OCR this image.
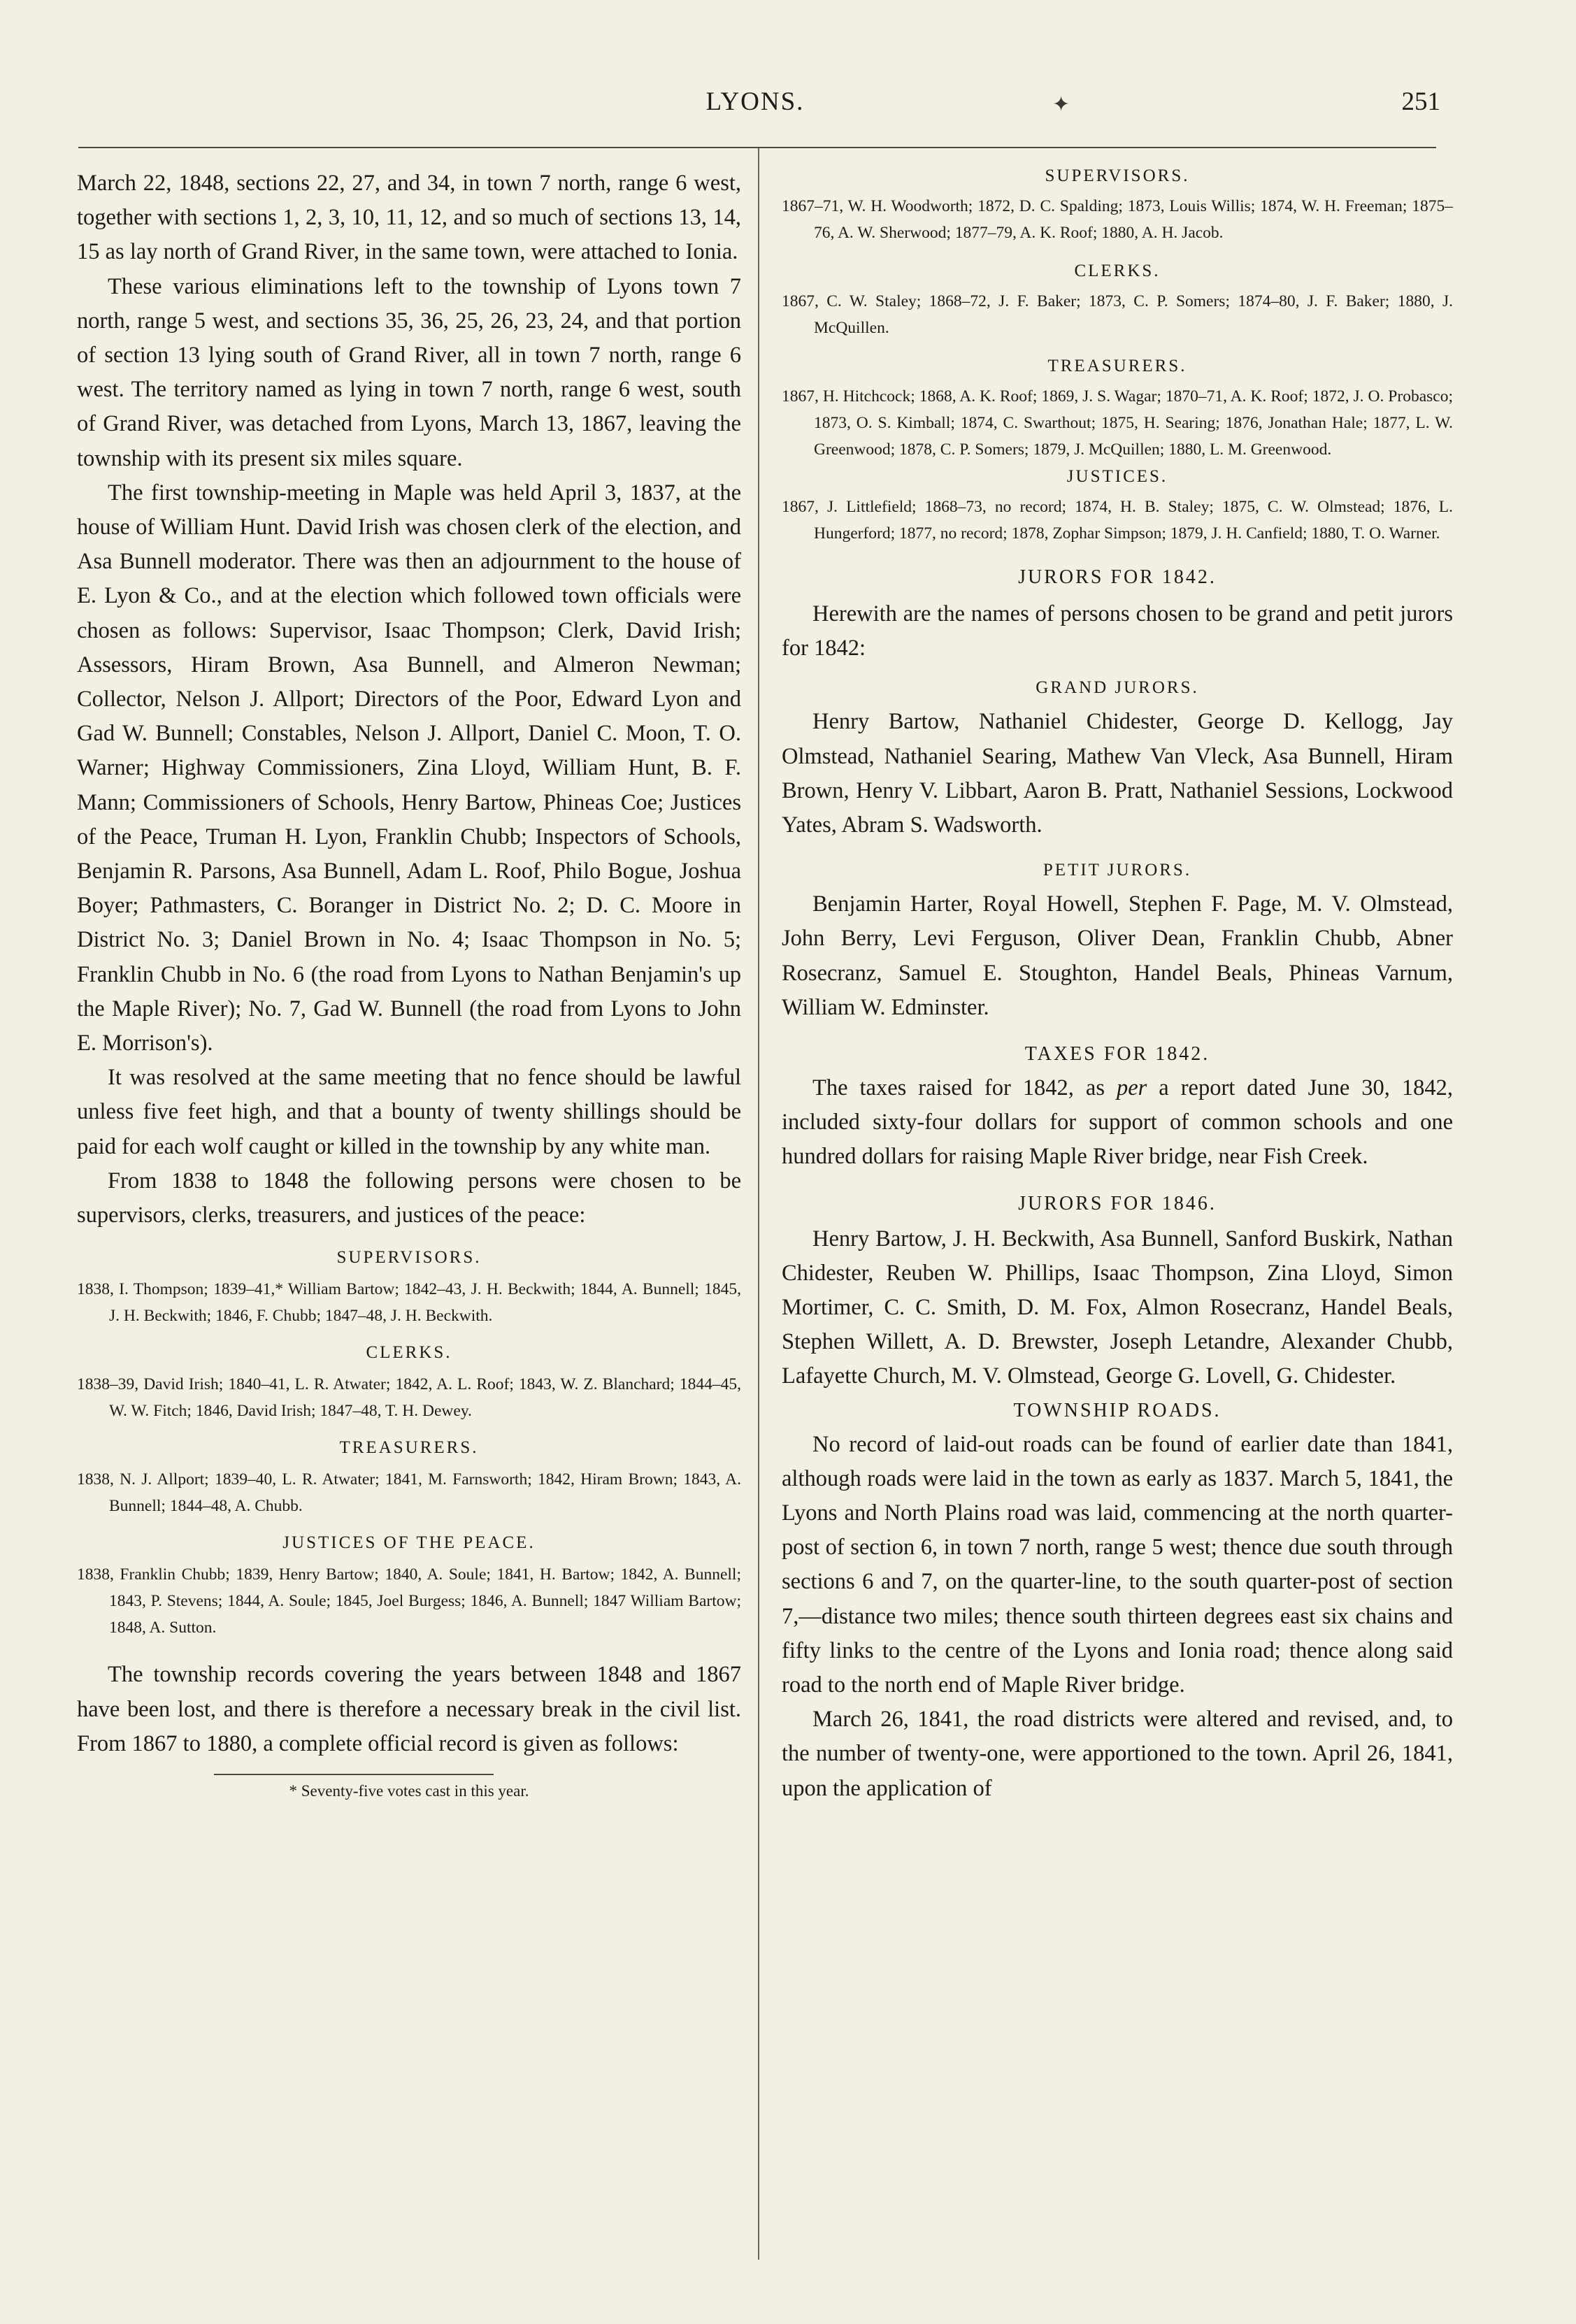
LYONS.	✦	251

March 22, 1848, sections 22, 27, and 34, in town 7 north, range 6 west, together with sections 1, 2, 3, 10, 11, 12, and so much of sections 13, 14, 15 as lay north of Grand River, in the same town, were attached to Ionia.

These various eliminations left to the township of Lyons town 7 north, range 5 west, and sections 35, 36, 25, 26, 23, 24, and that portion of section 13 lying south of Grand River, all in town 7 north, range 6 west. The territory named as lying in town 7 north, range 6 west, south of Grand River, was detached from Lyons, March 13, 1867, leaving the township with its present six miles square.

The first township-meeting in Maple was held April 3, 1837, at the house of William Hunt. David Irish was chosen clerk of the election, and Asa Bunnell moderator. There was then an adjournment to the house of E. Lyon & Co., and at the election which followed town officials were chosen as follows: Supervisor, Isaac Thompson; Clerk, David Irish; Assessors, Hiram Brown, Asa Bunnell, and Almeron Newman; Collector, Nelson J. Allport; Directors of the Poor, Edward Lyon and Gad W. Bunnell; Constables, Nelson J. Allport, Daniel C. Moon, T. O. Warner; Highway Commissioners, Zina Lloyd, William Hunt, B. F. Mann; Commissioners of Schools, Henry Bartow, Phineas Coe; Justices of the Peace, Truman H. Lyon, Franklin Chubb; Inspectors of Schools, Benjamin R. Parsons, Asa Bunnell, Adam L. Roof, Philo Bogue, Joshua Boyer; Pathmasters, C. Boranger in District No. 2; D. C. Moore in District No. 3; Daniel Brown in No. 4; Isaac Thompson in No. 5; Franklin Chubb in No. 6 (the road from Lyons to Nathan Benjamin's up the Maple River); No. 7, Gad W. Bunnell (the road from Lyons to John E. Morrison's).

It was resolved at the same meeting that no fence should be lawful unless five feet high, and that a bounty of twenty shillings should be paid for each wolf caught or killed in the township by any white man.

From 1838 to 1848 the following persons were chosen to be supervisors, clerks, treasurers, and justices of the peace:

SUPERVISORS.

1838, I. Thompson; 1839–41,* William Bartow; 1842–43, J. H. Beckwith; 1844, A. Bunnell; 1845, J. H. Beckwith; 1846, F. Chubb; 1847–48, J. H. Beckwith.

CLERKS.

1838–39, David Irish; 1840–41, L. R. Atwater; 1842, A. L. Roof; 1843, W. Z. Blanchard; 1844–45, W. W. Fitch; 1846, David Irish; 1847–48, T. H. Dewey.

TREASURERS.

1838, N. J. Allport; 1839–40, L. R. Atwater; 1841, M. Farnsworth; 1842, Hiram Brown; 1843, A. Bunnell; 1844–48, A. Chubb.

JUSTICES OF THE PEACE.

1838, Franklin Chubb; 1839, Henry Bartow; 1840, A. Soule; 1841, H. Bartow; 1842, A. Bunnell; 1843, P. Stevens; 1844, A. Soule; 1845, Joel Burgess; 1846, A. Bunnell; 1847 William Bartow; 1848, A. Sutton.

The township records covering the years between 1848 and 1867 have been lost, and there is therefore a necessary break in the civil list. From 1867 to 1880, a complete official record is given as follows:

* Seventy-five votes cast in this year.

SUPERVISORS.

1867–71, W. H. Woodworth; 1872, D. C. Spalding; 1873, Louis Willis; 1874, W. H. Freeman; 1875–76, A. W. Sherwood; 1877–79, A. K. Roof; 1880, A. H. Jacob.

CLERKS.

1867, C. W. Staley; 1868–72, J. F. Baker; 1873, C. P. Somers; 1874–80, J. F. Baker; 1880, J. McQuillen.

TREASURERS.

1867, H. Hitchcock; 1868, A. K. Roof; 1869, J. S. Wagar; 1870–71, A. K. Roof; 1872, J. O. Probasco; 1873, O. S. Kimball; 1874, C. Swarthout; 1875, H. Searing; 1876, Jonathan Hale; 1877, L. W. Greenwood; 1878, C. P. Somers; 1879, J. McQuillen; 1880, L. M. Greenwood.

JUSTICES.

1867, J. Littlefield; 1868–73, no record; 1874, H. B. Staley; 1875, C. W. Olmstead; 1876, L. Hungerford; 1877, no record; 1878, Zophar Simpson; 1879, J. H. Canfield; 1880, T. O. Warner.

JURORS FOR 1842.

Herewith are the names of persons chosen to be grand and petit jurors for 1842:

GRAND JURORS.

Henry Bartow, Nathaniel Chidester, George D. Kellogg, Jay Olmstead, Nathaniel Searing, Mathew Van Vleck, Asa Bunnell, Hiram Brown, Henry V. Libbart, Aaron B. Pratt, Nathaniel Sessions, Lockwood Yates, Abram S. Wadsworth.

PETIT JURORS.

Benjamin Harter, Royal Howell, Stephen F. Page, M. V. Olmstead, John Berry, Levi Ferguson, Oliver Dean, Franklin Chubb, Abner Rosecranz, Samuel E. Stoughton, Handel Beals, Phineas Varnum, William W. Edminster.

TAXES FOR 1842.

The taxes raised for 1842, as per a report dated June 30, 1842, included sixty-four dollars for support of common schools and one hundred dollars for raising Maple River bridge, near Fish Creek.

JURORS FOR 1846.

Henry Bartow, J. H. Beckwith, Asa Bunnell, Sanford Buskirk, Nathan Chidester, Reuben W. Phillips, Isaac Thompson, Zina Lloyd, Simon Mortimer, C. C. Smith, D. M. Fox, Almon Rosecranz, Handel Beals, Stephen Willett, A. D. Brewster, Joseph Letandre, Alexander Chubb, Lafayette Church, M. V. Olmstead, George G. Lovell, G. Chidester.

TOWNSHIP ROADS.

No record of laid-out roads can be found of earlier date than 1841, although roads were laid in the town as early as 1837. March 5, 1841, the Lyons and North Plains road was laid, commencing at the north quarter-post of section 6, in town 7 north, range 5 west; thence due south through sections 6 and 7, on the quarter-line, to the south quarter-post of section 7,—distance two miles; thence south thirteen degrees east six chains and fifty links to the centre of the Lyons and Ionia road; thence along said road to the north end of Maple River bridge.

March 26, 1841, the road districts were altered and revised, and, to the number of twenty-one, were apportioned to the town. April 26, 1841, upon the application of
